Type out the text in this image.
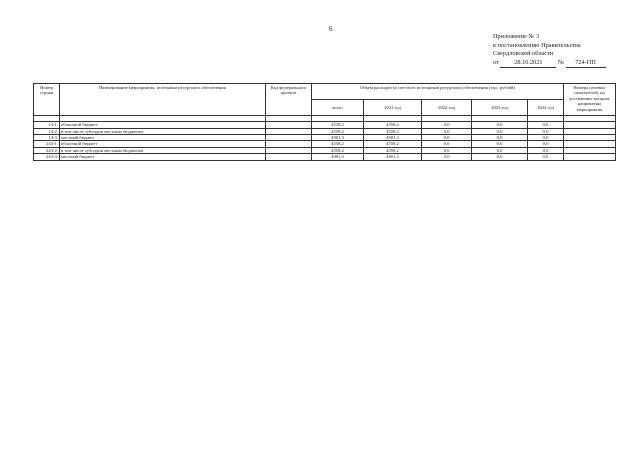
6
Приложение № 3
к постановлению Правительства
Свердловской области
от 28.10.2021 № 724-ПП
Номер строки	Наименование мероприятия, источники ресурсного обеспечения	Код федерального проекта	Объем расходов за счет всех источников ресурсного обеспечения (тыс. рублей)					Номера целевых показателей, на достижение которых направлены мероприятия
			всего	2021 год	2022 год	2023 год	2024 год	

14-1.	областной бюджет		4558,2	4558,2	0,0	0,0	0,0	
14-2.	в том числе субсидии местным бюджетам		4558,2	4558,2	0,0	0,0	0,0	
14-3.	местный бюджет		4901,3	4901,3	0,0	0,0	0,0	
243-1.	областной бюджет		4558,2	4558,2	0,0	0,0	0,0	
243-2.	в том числе субсидии местным бюджетам		4558,2	4558,2	0,0	0,0	0,0	
243-3.	местный бюджет		4901,3	4901,3	0,0	0,0	0,0	
